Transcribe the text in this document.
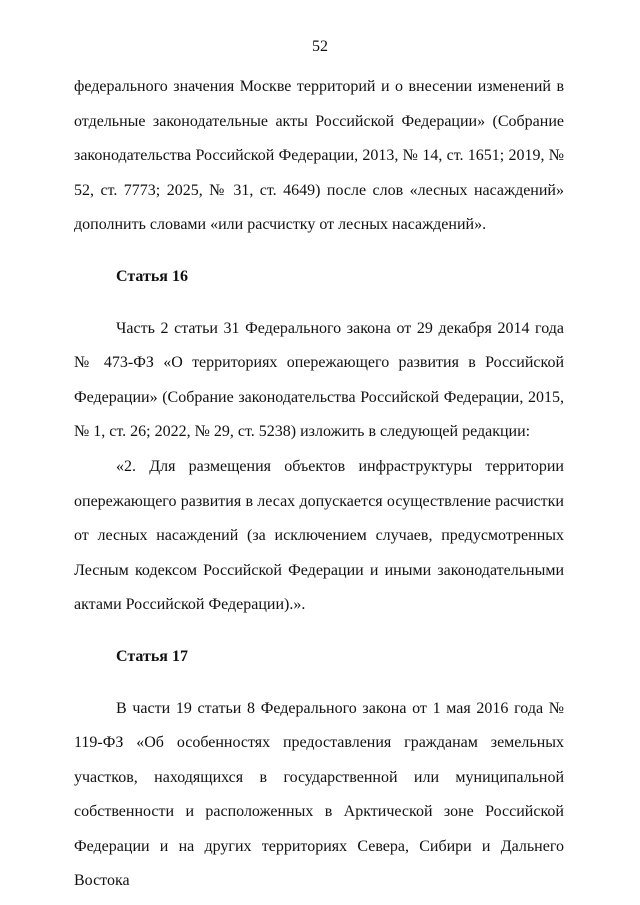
52

федерального значения Москве территорий и о внесении изменений в отдельные законодательные акты Российской Федерации» (Собрание законодательства Российской Федерации, 2013, № 14, ст. 1651; 2019, № 52, ст. 7773; 2025, № 31, ст. 4649) после слов «лесных насаждений» дополнить словами «или расчистку от лесных насаждений».

Статья 16

Часть 2 статьи 31 Федерального закона от 29 декабря 2014 года № 473-ФЗ «О территориях опережающего развития в Российской Федерации» (Собрание законодательства Российской Федерации, 2015, № 1, ст. 26; 2022, № 29, ст. 5238) изложить в следующей редакции:

«2. Для размещения объектов инфраструктуры территории опережающего развития в лесах допускается осуществление расчистки от лесных насаждений (за исключением случаев, предусмотренных Лесным кодексом Российской Федерации и иными законодательными актами Российской Федерации).».

Статья 17

В части 19 статьи 8 Федерального закона от 1 мая 2016 года № 119-ФЗ «Об особенностях предоставления гражданам земельных участков, находящихся в государственной или муниципальной собственности и расположенных в Арктической зоне Российской Федерации и на других территориях Севера, Сибири и Дальнего Востока
